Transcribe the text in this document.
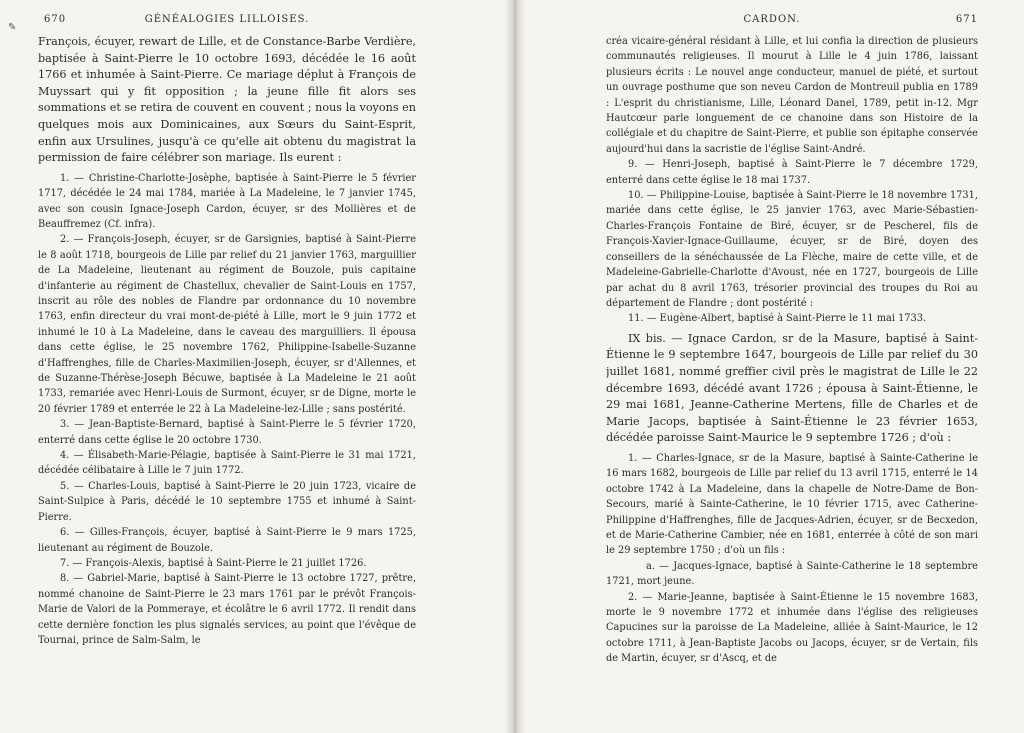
✎
670	GÉNÉALOGIES LILLOISES.

François, écuyer, rewart de Lille, et de Constance-Barbe Verdière, baptisée à Saint-Pierre le 10 octobre 1693, décédée le 16 août 1766 et inhumée à Saint-Pierre. Ce mariage déplut à François de Muyssart qui y fit opposition ; la jeune fille fit alors ses sommations et se retira de couvent en couvent ; nous la voyons en quelques mois aux Dominicaines, aux Sœurs du Saint-Esprit, enfin aux Ursulines, jusqu'à ce qu'elle ait obtenu du magistrat la permission de faire célébrer son mariage. Ils eurent :

1. — Christine-Charlotte-Josèphe, baptisée à Saint-Pierre le 5 février 1717, décédée le 24 mai 1784, mariée à La Madeleine, le 7 janvier 1745, avec son cousin Ignace-Joseph Cardon, écuyer, sr des Mollières et de Beauffremez (Cf. infra).

2. — François-Joseph, écuyer, sr de Garsignies, baptisé à Saint-Pierre le 8 août 1718, bourgeois de Lille par relief du 21 janvier 1763, marguillier de La Madeleine, lieutenant au régiment de Bouzole, puis capitaine d'infanterie au régiment de Chastellux, chevalier de Saint-Louis en 1757, inscrit au rôle des nobles de Flandre par ordonnance du 10 novembre 1763, enfin directeur du vrai mont-de-piété à Lille, mort le 9 juin 1772 et inhumé le 10 à La Madeleine, dans le caveau des marguilliers. Il épousa dans cette église, le 25 novembre 1762, Philippine-Isabelle-Suzanne d'Haffrenghes, fille de Charles-Maximilien-Joseph, écuyer, sr d'Allennes, et de Suzanne-Thérèse-Joseph Bécuwe, baptisée à La Madeleine le 21 août 1733, remariée avec Henri-Louis de Surmont, écuyer, sr de Digne, morte le 20 février 1789 et enterrée le 22 à La Madeleine-lez-Lille ; sans postérité.

3. — Jean-Baptiste-Bernard, baptisé à Saint-Pierre le 5 février 1720, enterré dans cette église le 20 octobre 1730.

4. — Élisabeth-Marie-Pélagie, baptisée à Saint-Pierre le 31 mai 1721, décédée célibataire à Lille le 7 juin 1772.

5. — Charles-Louis, baptisé à Saint-Pierre le 20 juin 1723, vicaire de Saint-Sulpice à Paris, décédé le 10 septembre 1755 et inhumé à Saint-Pierre.

6. — Gilles-François, écuyer, baptisé à Saint-Pierre le 9 mars 1725, lieutenant au régiment de Bouzole.

7. — François-Alexis, baptisé à Saint-Pierre le 21 juillet 1726.

8. — Gabriel-Marie, baptisé à Saint-Pierre le 13 octobre 1727, prêtre, nommé chanoine de Saint-Pierre le 23 mars 1761 par le prévôt François-Marie de Valori de la Pommeraye, et écolâtre le 6 avril 1772. Il rendit dans cette dernière fonction les plus signalés services, au point que l'évêque de Tournai, prince de Salm-Salm, le

CARDON.	671

créa vicaire-général résidant à Lille, et lui confia la direction de plusieurs communautés religieuses. Il mourut à Lille le 4 juin 1786, laissant plusieurs écrits : Le nouvel ange conducteur, manuel de piété, et surtout un ouvrage posthume que son neveu Cardon de Montreuil publia en 1789 : L'esprit du christianisme, Lille, Léonard Danel, 1789, petit in-12. Mgr Hautcœur parle longuement de ce chanoine dans son Histoire de la collégiale et du chapitre de Saint-Pierre, et publie son épitaphe conservée aujourd'hui dans la sacristie de l'église Saint-André.

9. — Henri-Joseph, baptisé à Saint-Pierre le 7 décembre 1729, enterré dans cette église le 18 mai 1737.

10. — Philippine-Louise, baptisée à Saint-Pierre le 18 novembre 1731, mariée dans cette église, le 25 janvier 1763, avec Marie-Sébastien-Charles-François Fontaine de Biré, écuyer, sr de Pescherel, fils de François-Xavier-Ignace-Guillaume, écuyer, sr de Biré, doyen des conseillers de la sénéchaussée de La Flèche, maire de cette ville, et de Madeleine-Gabrielle-Charlotte d'Avoust, née en 1727, bourgeois de Lille par achat du 8 avril 1763, trésorier provincial des troupes du Roi au département de Flandre ; dont postérité :

11. — Eugène-Albert, baptisé à Saint-Pierre le 11 mai 1733.

IX bis. — Ignace Cardon, sr de la Masure, baptisé à Saint-Étienne le 9 septembre 1647, bourgeois de Lille par relief du 30 juillet 1681, nommé greffier civil près le magistrat de Lille le 22 décembre 1693, décédé avant 1726 ; épousa à Saint-Étienne, le 29 mai 1681, Jeanne-Catherine Mertens, fille de Charles et de Marie Jacops, baptisée à Saint-Étienne le 23 février 1653, décédée paroisse Saint-Maurice le 9 septembre 1726 ; d'où :

1. — Charles-Ignace, sr de la Masure, baptisé à Sainte-Catherine le 16 mars 1682, bourgeois de Lille par relief du 13 avril 1715, enterré le 14 octobre 1742 à La Madeleine, dans la chapelle de Notre-Dame de Bon-Secours, marié à Sainte-Catherine, le 10 février 1715, avec Catherine-Philippine d'Haffrenghes, fille de Jacques-Adrien, écuyer, sr de Becxedon, et de Marie-Catherine Cambier, née en 1681, enterrée à côté de son mari le 29 septembre 1750 ; d'où un fils :

a. — Jacques-Ignace, baptisé à Sainte-Catherine le 18 septembre 1721, mort jeune.

2. — Marie-Jeanne, baptisée à Saint-Étienne le 15 novembre 1683, morte le 9 novembre 1772 et inhumée dans l'église des religieuses Capucines sur la paroisse de La Madeleine, alliée à Saint-Maurice, le 12 octobre 1711, à Jean-Baptiste Jacobs ou Jacops, écuyer, sr de Vertain, fils de Martin, écuyer, sr d'Ascq, et de
